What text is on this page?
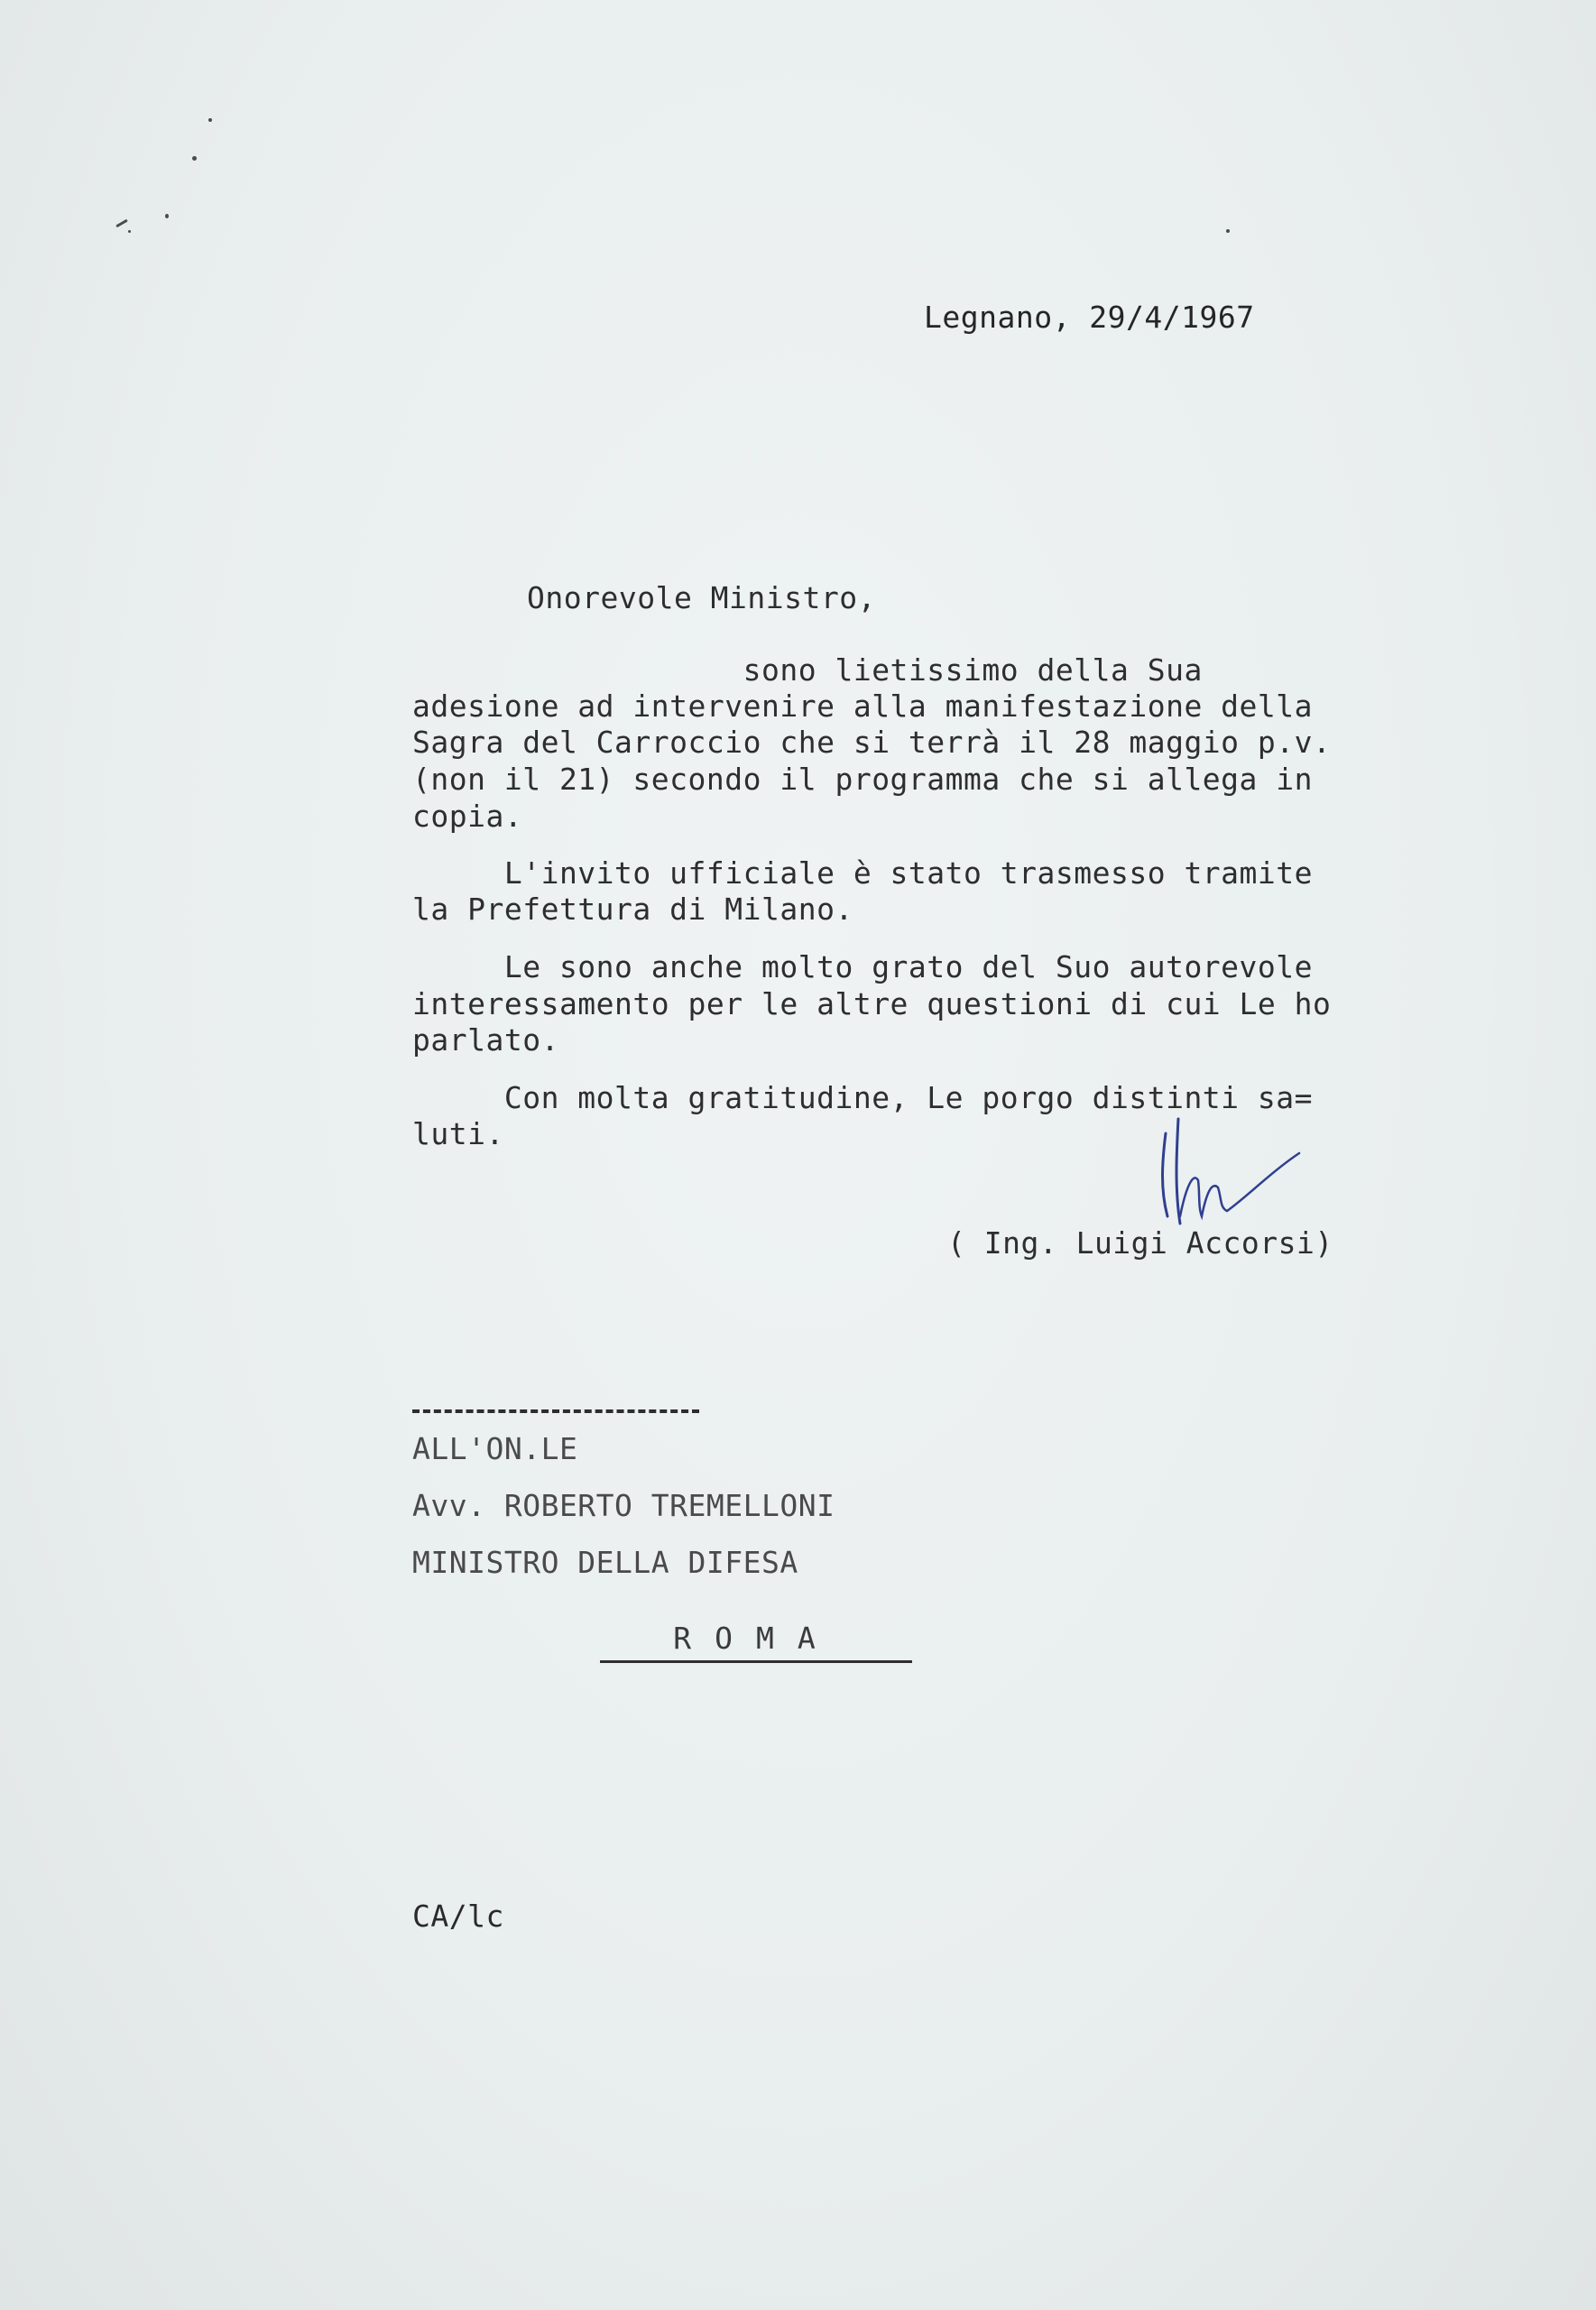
Legnano, 29/4/1967
Onorevole Ministro,
sono lietissimo della Sua
adesione ad intervenire alla manifestazione della
Sagra del Carroccio che si terrà il 28 maggio p.v.
(non il 21) secondo il programma che si allega in
copia.
L'invito ufficiale è stato trasmesso tramite
la Prefettura di Milano.
Le sono anche molto grato del Suo autorevole
interessamento per le altre questioni di cui Le ho
parlato.
Con molta gratitudine, Le porgo distinti sa=
luti.
( Ing. Luigi Accorsi)
ALL'ON.LE
Avv. ROBERTO TREMELLONI
MINISTRO DELLA DIFESA
ROMA
CA/lc
